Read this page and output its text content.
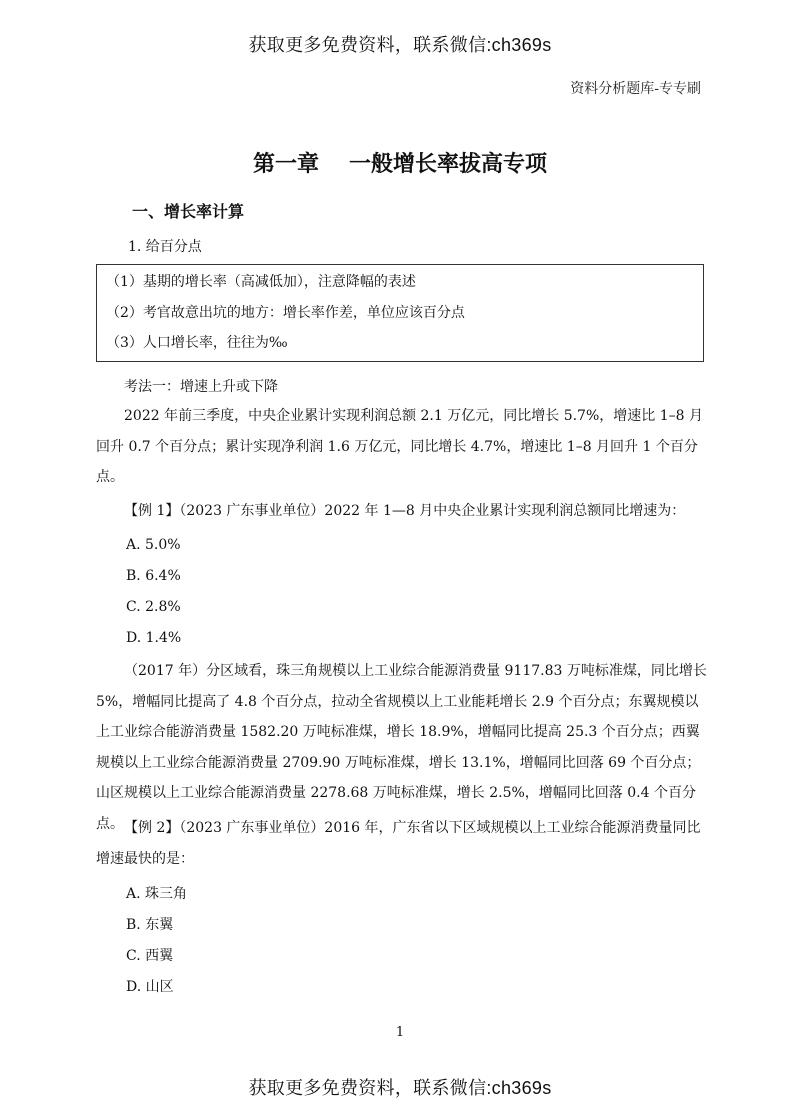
获取更多免费资料，联系微信:ch369s
资料分析题库-专专刷
第一章 一般增长率拔高专项
一、增长率计算
1. 给百分点
（1）基期的增长率（高减低加），注意降幅的表述
（2）考官故意出坑的地方：增长率作差，单位应该百分点
（3）人口增长率，往往为‰
考法一：增速上升或下降
2022 年前三季度，中央企业累计实现利润总额 2.1 万亿元，同比增长 5.7%，增速比 1–8 月回升 0.7 个百分点；累计实现净利润 1.6 万亿元，同比增长 4.7%，增速比 1–8 月回升 1 个百分点。
【例 1】（2023 广东事业单位）2022 年 1—8 月中央企业累计实现利润总额同比增速为：
A. 5.0%
B. 6.4%
C. 2.8%
D. 1.4%
（2017 年）分区域看，珠三角规模以上工业综合能源消费量 9117.83 万吨标准煤，同比增长 5%，增幅同比提高了 4.8 个百分点，拉动全省规模以上工业能耗增长 2.9 个百分点；东翼规模以上工业综合能游消费量 1582.20 万吨标准煤，增长 18.9%，增幅同比提高 25.3 个百分点；西翼规模以上工业综合能源消费量 2709.90 万吨标准煤，增长 13.1%，增幅同比回落 69 个百分点；山区规模以上工业综合能源消费量 2278.68 万吨标准煤，增长 2.5%，增幅同比回落 0.4 个百分点。 【例 2】（2023 广东事业单位）2016 年，广东省以下区域规模以上工业综合能源消费量同比增速最快的是：
A. 珠三角
B. 东翼
C. 西翼
D. 山区
1
获取更多免费资料，联系微信:ch369s
